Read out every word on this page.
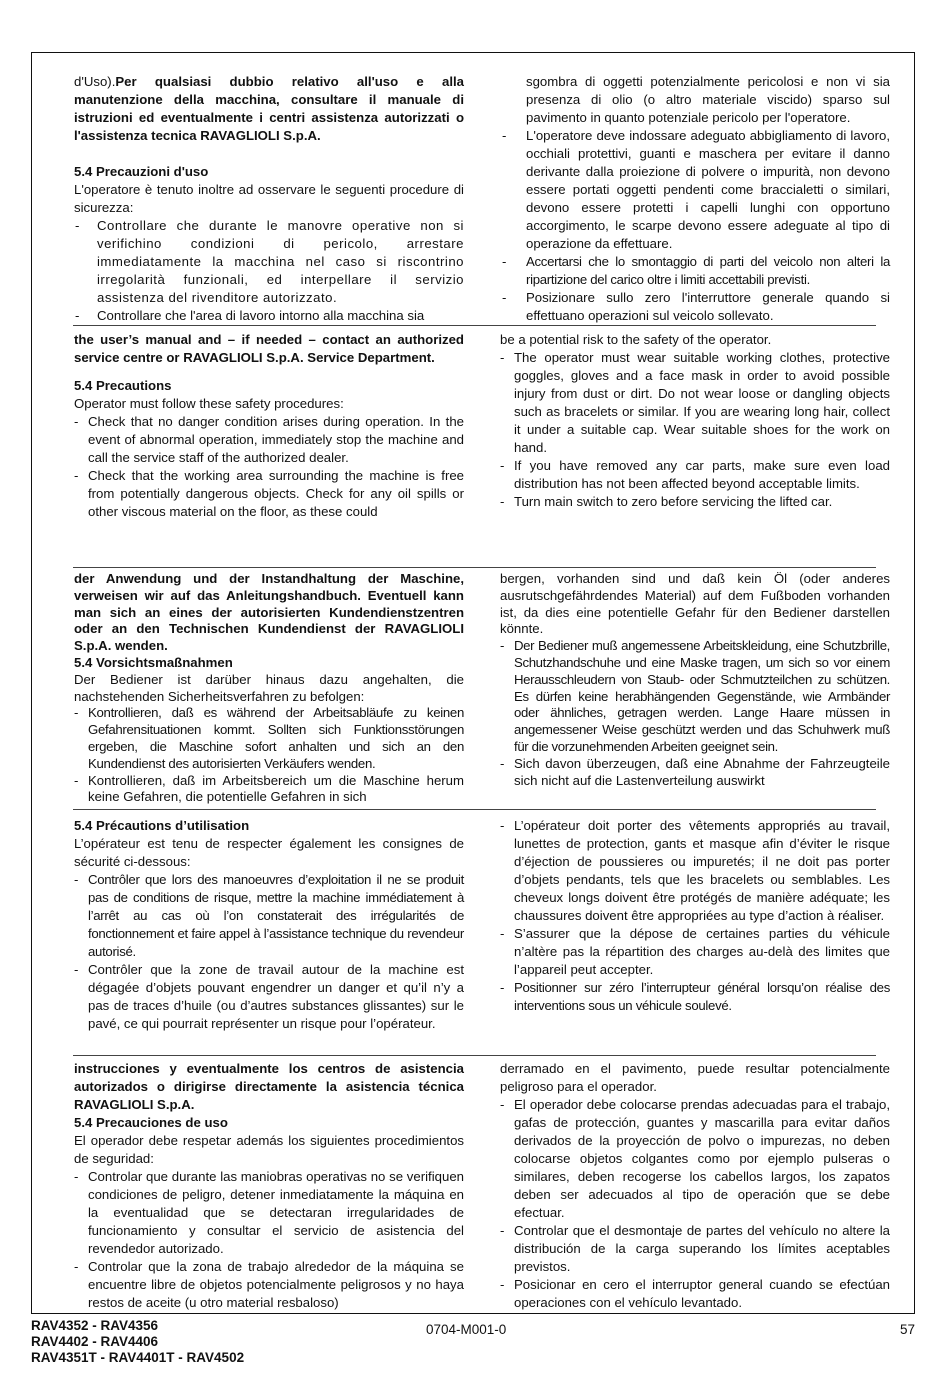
d'Uso).Per qualsiasi dubbio relativo all'uso e alla manutenzione della macchina, consultare il manuale di istruzioni ed eventualmente i centri assistenza autorizzati o l'assistenza tecnica RAVAGLIOLI S.p.A.

5.4 Precauzioni d'uso

L'operatore è tenuto inoltre ad osservare le seguenti procedure di sicurezza:

- Controllare che durante le manovre operative non si verifichino condizioni di pericolo, arrestare immediatamente la macchina nel caso si riscontrino irregolarità funzionali, ed interpellare il servizio assistenza del rivenditore autorizzato.
- Controllare che l'area di lavoro intorno alla macchina sia
sgombra di oggetti potenzialmente pericolosi e non vi sia presenza di olio (o altro materiale viscido) sparso sul pavimento in quanto potenziale pericolo per l'operatore.
- L'operatore deve indossare adeguato abbigliamento di lavoro, occhiali protettivi, guanti e maschera per evitare il danno derivante dalla proiezione di polvere o impurità, non devono essere portati oggetti pendenti come braccialetti o similari, devono essere protetti i capelli lunghi con opportuno accorgimento, le scarpe devono essere adeguate al tipo di operazione da effettuare.
- Accertarsi che lo smontaggio di parti del veicolo non alteri la ripartizione del carico oltre i limiti accettabili previsti.
- Posizionare sullo zero l'interruttore generale quando si effettuano operazioni sul veicolo sollevato.

the user’s manual and – if needed – contact an authorized service centre or RAVAGLIOLI S.p.A. Service Department.

5.4 Precautions

Operator must follow these safety procedures:

- Check that no danger condition arises during operation. In the event of abnormal operation, immediately stop the machine and call the service staff of the authorized dealer.
- Check that the working area surrounding the machine is free from potentially dangerous objects. Check for any oil spills or other viscous material on the floor, as these could
be a potential risk to the safety of the operator.
- The operator must wear suitable working clothes, protective goggles, gloves and a face mask in order to avoid possible injury from dust or dirt. Do not wear loose or dangling objects such as bracelets or similar. If you are wearing long hair, collect it under a suitable cap. Wear suitable shoes for the work on hand.
- If you have removed any car parts, make sure even load distribution has not been affected beyond acceptable limits.
- Turn main switch to zero before servicing the lifted car.

der Anwendung und der Instandhaltung der Maschine, verweisen wir auf das Anleitungshandbuch. Eventuell kann man sich an eines der autorisierten Kundendienstzentren oder an den Technischen Kundendienst der RAVAGLIOLI S.p.A. wenden.

5.4 Vorsichtsmaßnahmen

Der Bediener ist darüber hinaus dazu angehalten, die nachstehenden Sicherheitsverfahren zu befolgen:

- Kontrollieren, daß es während der Arbeitsabläufe zu keinen Gefahrensituationen kommt. Sollten sich Funktionsstörungen ergeben, die Maschine sofort anhalten und sich an den Kundendienst des autorisierten Verkäufers wenden.
- Kontrollieren, daß im Arbeitsbereich um die Maschine herum keine Gefahren, die potentielle Gefahren in sich
bergen, vorhanden sind und daß kein Öl (oder anderes ausrutschgefährdendes Material) auf dem Fußboden vorhanden ist, da dies eine potentielle Gefahr für den Bediener darstellen könnte.
- Der Bediener muß angemessene Arbeitskleidung, eine Schutzbrille, Schutzhandschuhe und eine Maske tragen, um sich so vor einem Herausschleudern von Staub- oder Schmutzteilchen zu schützen. Es dürfen keine herabhängenden Gegenstände, wie Armbänder oder ähnliches, getragen werden. Lange Haare müssen in angemessener Weise geschützt werden und das Schuhwerk muß für die vorzunehmenden Arbeiten geeignet sein.
- Sich davon überzeugen, daß eine Abnahme der Fahrzeugteile sich nicht auf die Lastenverteilung auswirkt

5.4 Précautions d’utilisation

L’opérateur est tenu de respecter également les consignes de sécurité ci-dessous:

- Contrôler que lors des manoeuvres d’exploitation il ne se produit pas de conditions de risque, mettre la machine immédiatement à l’arrêt au cas où l’on constaterait des irrégularités de fonctionnement et faire appel à l’assistance technique du revendeur autorisé.
- Contrôler que la zone de travail autour de la machine est dégagée d’objets pouvant engendrer un danger et qu’il n’y a pas de traces d’huile (ou d’autres substances glissantes) sur le pavé, ce qui pourrait représenter un risque pour l’opérateur.
- L’opérateur doit porter des vêtements appropriés au travail, lunettes de protection, gants et masque afin d’éviter le risque d’éjection de poussieres ou impuretés; il ne doit pas porter d’objets pendants, tels que les bracelets ou semblables. Les cheveux longs doivent être protégés de manière adéquate; les chaussures doivent être appropriées au type d’action à réaliser.
- S’assurer que la dépose de certaines parties du véhicule n’altère pas la répartition des charges au-delà des limites que l’appareil peut accepter.
- Positionner sur zéro l’interrupteur général lorsqu’on réalise des interventions sous un véhicule soulevé.

instrucciones y eventualmente los centros de asistencia autorizados o dirigirse directamente la asistencia técnica RAVAGLIOLI S.p.A.

5.4 Precauciones de uso

El operador debe respetar además los siguientes procedimientos de seguridad:

- Controlar que durante las maniobras operativas no se verifiquen condiciones de peligro, detener inmediatamente la máquina en la eventualidad que se detectaran irregularidades de funcionamiento y consultar el servicio de asistencia del revendedor autorizado.
- Controlar que la zona de trabajo alrededor de la máquina se encuentre libre de objetos potencialmente peligrosos y no haya restos de aceite (u otro material resbaloso)
derramado en el pavimento, puede resultar potencialmente peligroso para el operador.
- El operador debe colocarse prendas adecuadas para el trabajo, gafas de protección, guantes y mascarilla para evitar daños derivados de la proyección de polvo o impurezas, no deben colocarse objetos colgantes como por ejemplo pulseras o similares, deben recogerse los cabellos largos, los zapatos deben ser adecuados al tipo de operación que se debe efectuar.
- Controlar que el desmontaje de partes del vehículo no altere la distribución de la carga superando los límites aceptables previstos.
- Posicionar en cero el interruptor general cuando se efectúan operaciones con el vehículo levantado.
RAV4352 - RAV4356
RAV4402 - RAV4406
RAV4351T - RAV4401T - RAV4502
0704-M001-0	57
